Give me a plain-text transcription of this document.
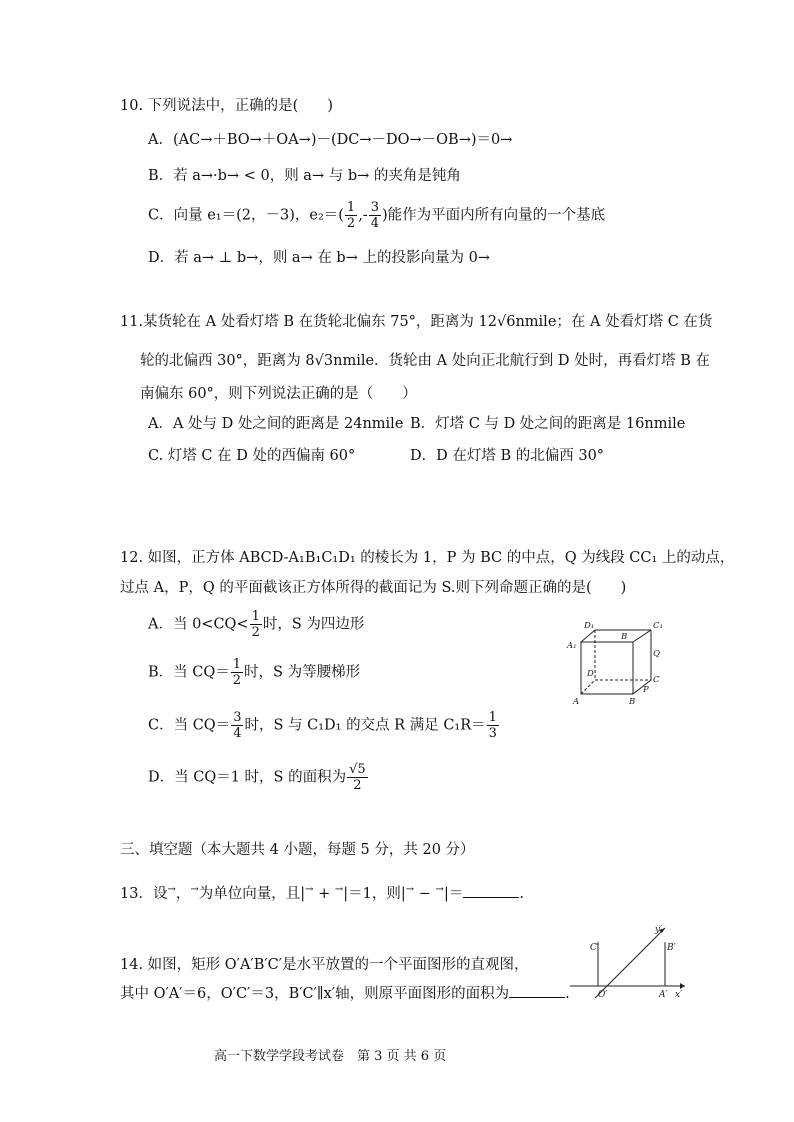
10. 下列说法中，正确的是(　　)
A．(AC→＋BO→＋OA→)－(DC→－DO→－OB→)＝0→
B．若 a→·b→ < 0，则 a→ 与 b→ 的夹角是钝角
C．向量 e₁＝(2，－3)，$e_2=( \frac{1}{2}$ ,- $\frac{3}{4}$ )能作为平面内所有向量的一个基底
D．若 a→ ⊥ b→，则 a→ 在 b→ 上的投影向量为 0→
11.某货轮在 A 处看灯塔 B 在货轮北偏东 75°，距离为 12√6nmile；在 A 处看灯塔 C 在货
轮的北偏西 30°，距离为 8√3nmile．货轮由 A 处向正北航行到 D 处时，再看灯塔 B 在
南偏东 60°，则下列说法正确的是（　　）
A．A 处与 D 处之间的距离是 24nmile B．灯塔 C 与 D 处之间的距离是 16nmile
C. 灯塔 C 在 D 处的西偏南 60°	D．D 在灯塔 B 的北偏西 30°
12. 如图，正方体 ABCD-A₁B₁C₁D₁ 的棱长为 1，P 为 BC 的中点，Q 为线段 CC₁ 上的动点，
过点 A，P，Q 的平面截该正方体所得的截面记为 S.则下列命题正确的是(　　)
A．当 $0<CQ< \frac{1}{2}$ 时，S 为四边形
B．当 $CQ= \frac{1}{2}$ 时，S 为等腰梯形
C．当 $CQ= \frac{3}{4}$ 时，S 与 C₁D₁ 的交点 R 满足 $C_1R= \frac{1}{3}$
D．当 CQ＝1 时，S 的面积为 $\frac{√5}{2}$
D₁	C₁
A₁
B
Q
D
C
P
A	B
三、填空题（本大题共 4 小题，每题 5 分，共 20 分）
13．设→，→为单位向量，且|→ + →|＝1，则|→ − →|＝	.
14. 如图，矩形 O′A′B′C′是水平放置的一个平面图形的直观图，
其中 O′A′＝6，O′C′＝3，B′C′∥x′轴，则原平面图形的面积为	.
C′	B′
O′	A′ x′
y′
高一下数学学段考试卷　第 3 页 共 6 页
